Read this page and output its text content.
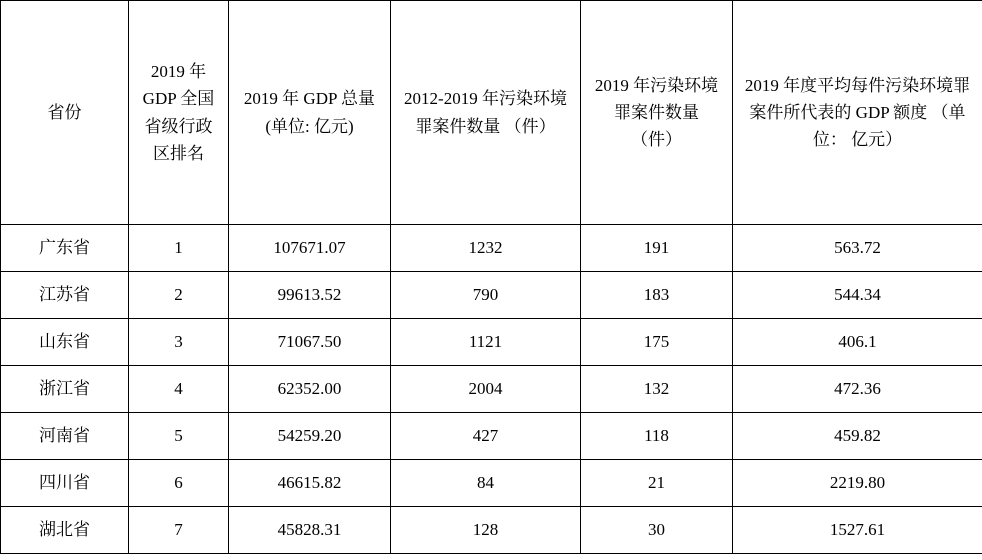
省份	2019 年 GDP 全国省级行政区排名	2019 年 GDP 总量 (单位: 亿元)	2012-2019 年污染环境罪案件数量 （件）	2019 年污染环境罪案件数量 （件）	2019 年度平均每件污染环境罪案件所代表的 GDP 额度 （单位： 亿元）

广东省	1	107671.07	1232	191	563.72
江苏省	2	99613.52	790	183	544.34
山东省	3	71067.50	1121	175	406.1
浙江省	4	62352.00	2004	132	472.36
河南省	5	54259.20	427	118	459.82
四川省	6	46615.82	84	21	2219.80
湖北省	7	45828.31	128	30	1527.61
